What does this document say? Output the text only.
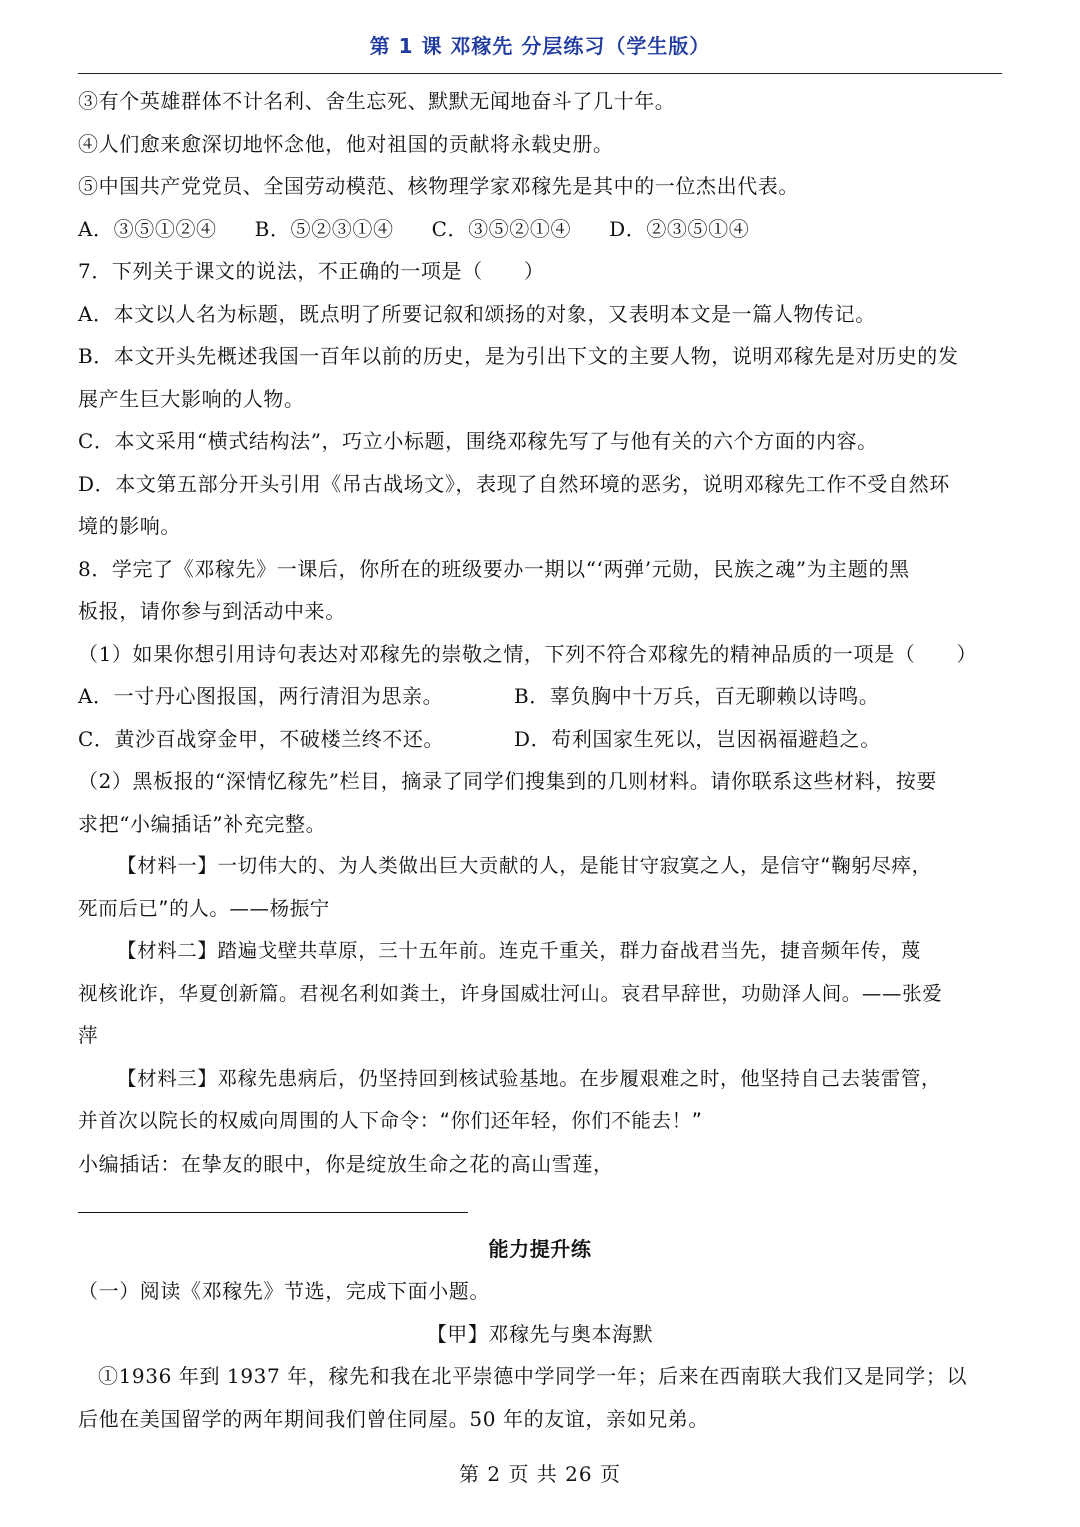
第 1 课 邓稼先 分层练习（学生版）

③有个英雄群体不计名利、舍生忘死、默默无闻地奋斗了几十年。

④人们愈来愈深切地怀念他，他对祖国的贡献将永载史册。

⑤中国共产党党员、全国劳动模范、核物理学家邓稼先是其中的一位杰出代表。

A．③⑤①②④ B．⑤②③①④ C．③⑤②①④ D．②③⑤①④

7．下列关于课文的说法，不正确的一项是（　　）

A．本文以人名为标题，既点明了所要记叙和颂扬的对象，又表明本文是一篇人物传记。

B．本文开头先概述我国一百年以前的历史，是为引出下文的主要人物，说明邓稼先是对历史的发

展产生巨大影响的人物。

C．本文采用“横式结构法”，巧立小标题，围绕邓稼先写了与他有关的六个方面的内容。

D．本文第五部分开头引用《吊古战场文》，表现了自然环境的恶劣，说明邓稼先工作不受自然环

境的影响。

8．学完了《邓稼先》一课后，你所在的班级要办一期以“‘两弹’元勋，民族之魂”为主题的黑

板报，请你参与到活动中来。

（1）如果你想引用诗句表达对邓稼先的崇敬之情，下列不符合邓稼先的精神品质的一项是（　　）

A．一寸丹心图报国，两行清泪为思亲。	B．辜负胸中十万兵，百无聊赖以诗鸣。

C．黄沙百战穿金甲，不破楼兰终不还。	D．苟利国家生死以，岂因祸福避趋之。

（2）黑板报的“深情忆稼先”栏目，摘录了同学们搜集到的几则材料。请你联系这些材料，按要

求把“小编插话”补充完整。

【材料一】一切伟大的、为人类做出巨大贡献的人，是能甘守寂寞之人，是信守“鞠躬尽瘁，

死而后已”的人。——杨振宁

【材料二】踏遍戈壁共草原，三十五年前。连克千重关，群力奋战君当先，捷音频年传，蔑

视核讹诈，华夏创新篇。君视名利如粪土，许身国威壮河山。哀君早辞世，功勋泽人间。——张爱

萍

【材料三】邓稼先患病后，仍坚持回到核试验基地。在步履艰难之时，他坚持自己去装雷管，

并首次以院长的权威向周围的人下命令：“你们还年轻，你们不能去！”

小编插话：在挚友的眼中，你是绽放生命之花的高山雪莲，

能力提升练

（一）阅读《邓稼先》节选，完成下面小题。

【甲】邓稼先与奥本海默

①1936 年到 1937 年，稼先和我在北平崇德中学同学一年；后来在西南联大我们又是同学；以

后他在美国留学的两年期间我们曾住同屋。50 年的友谊，亲如兄弟。

第 2 页 共 26 页
